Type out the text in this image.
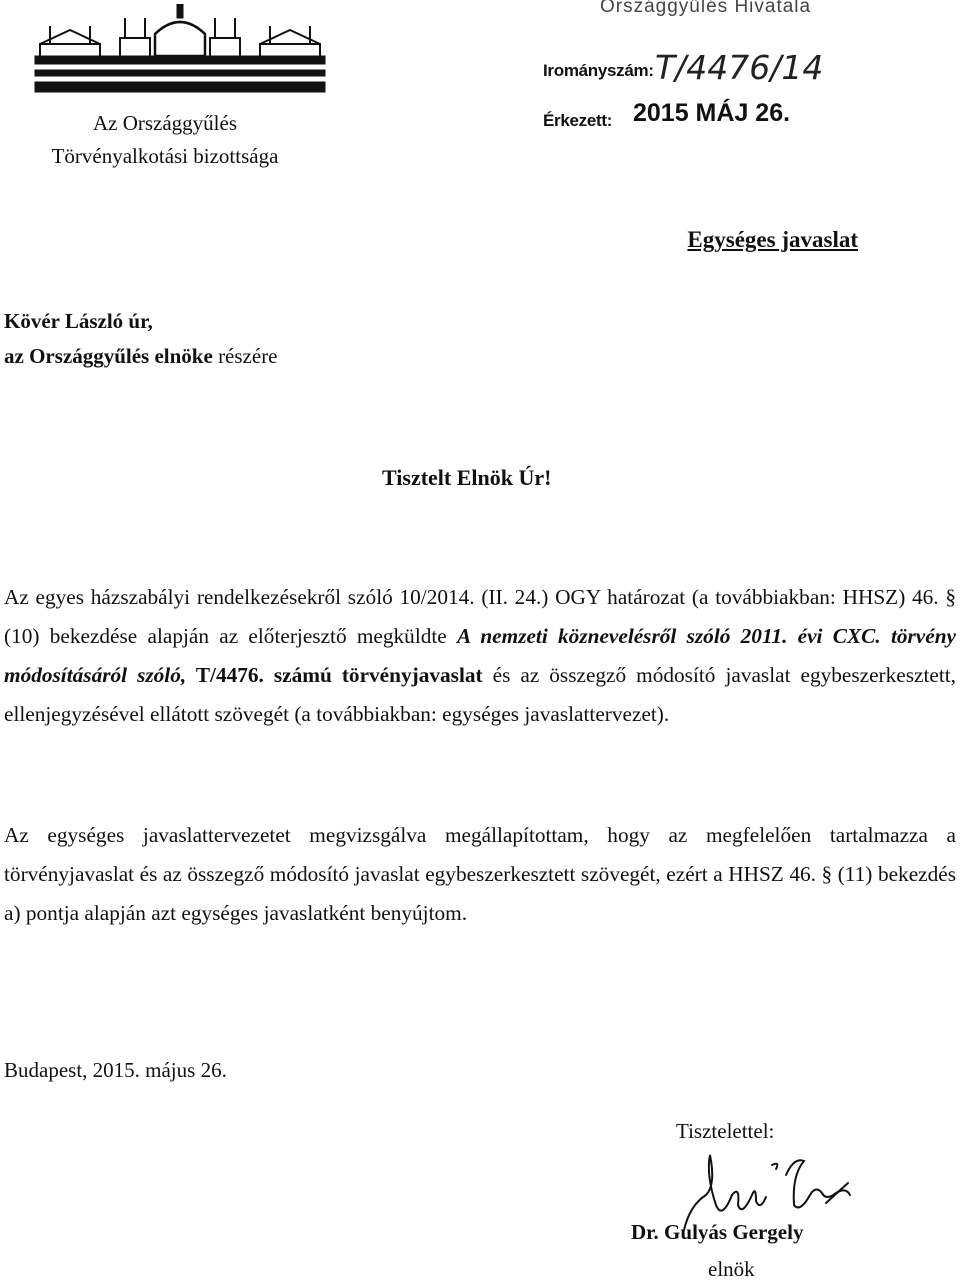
Az Országgyűlés
Törvényalkotási bizottsága
Országgyűlés Hivatala
Irományszám: T/4476/14
Érkezett: 2015 MÁJ 26.
Egységes javaslat
Kövér László úr,
az Országgyűlés elnöke részére
Tisztelt Elnök Úr!
Az egyes házszabályi rendelkezésekről szóló 10/2014. (II. 24.) OGY határozat (a továbbiakban: HHSZ) 46. § (10) bekezdése alapján az előterjesztő megküldte A nemzeti köznevelésről szóló 2011. évi CXC. törvény módosításáról szóló, T/4476. számú törvényjavaslat és az összegző módosító javaslat egybeszerkesztett, ellenjegyzésével ellátott szövegét (a továbbiakban: egységes javaslattervezet).
Az egységes javaslattervezetet megvizsgálva megállapítottam, hogy az megfelelően tartalmazza a törvényjavaslat és az összegző módosító javaslat egybeszerkesztett szövegét, ezért a HHSZ 46. § (11) bekezdés a) pontja alapján azt egységes javaslatként benyújtom.
Budapest, 2015. május 26.
Tisztelettel:
Dr. Gulyás Gergely
elnök
